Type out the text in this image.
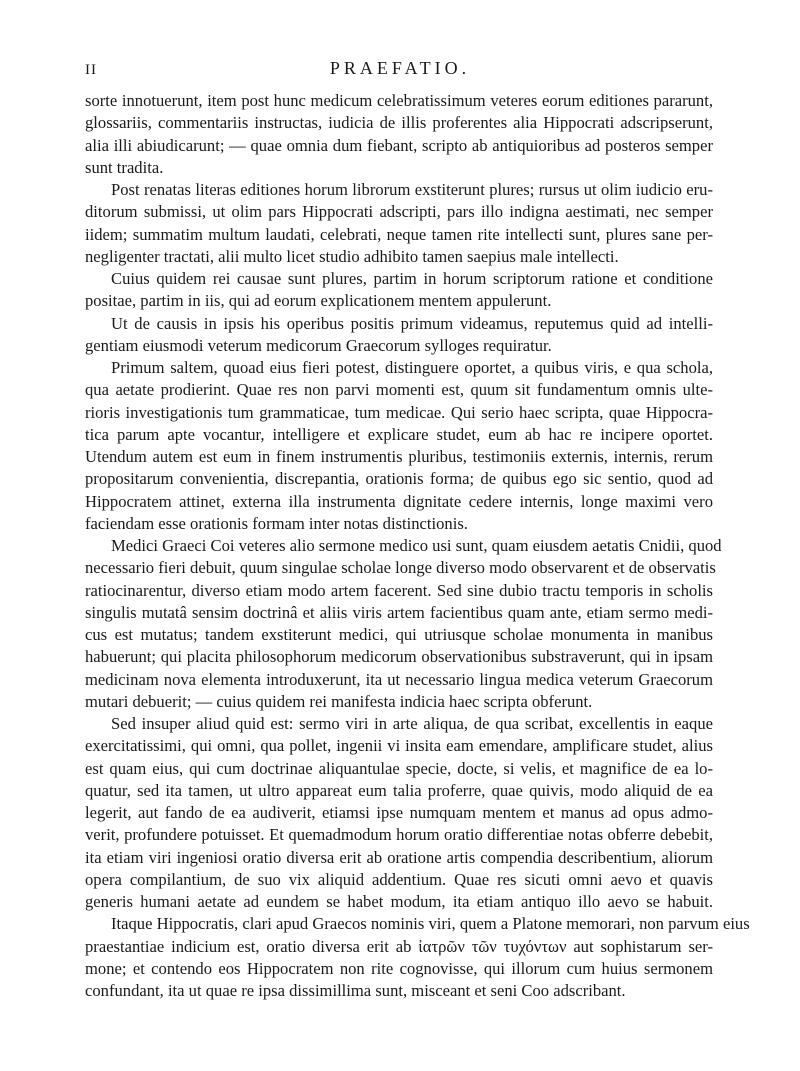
II	PRAEFATIO.
sorte innotuerunt, item post hunc medicum celebratissimum veteres eorum editiones pararunt,
glossariis, commentariis instructas, iudicia de illis proferentes alia Hippocrati adscripserunt,
alia illi abiudicarunt; — quae omnia dum fiebant, scripto ab antiquioribus ad posteros semper
sunt tradita.
Post renatas literas editiones horum librorum exstiterunt plures; rursus ut olim iudicio eru-
ditorum submissi, ut olim pars Hippocrati adscripti, pars illo indigna aestimati, nec semper
iidem; summatim multum laudati, celebrati, neque tamen rite intellecti sunt, plures sane per-
negligenter tractati, alii multo licet studio adhibito tamen saepius male intellecti.
Cuius quidem rei causae sunt plures, partim in horum scriptorum ratione et conditione
positae, partim in iis, qui ad eorum explicationem mentem appulerunt.
Ut de causis in ipsis his operibus positis primum videamus, reputemus quid ad intelli-
gentiam eiusmodi veterum medicorum Graecorum sylloges requiratur.
Primum saltem, quoad eius fieri potest, distinguere oportet, a quibus viris, e qua schola,
qua aetate prodierint. Quae res non parvi momenti est, quum sit fundamentum omnis ulte-
rioris investigationis tum grammaticae, tum medicae. Qui serio haec scripta, quae Hippocra-
tica parum apte vocantur, intelligere et explicare studet, eum ab hac re incipere oportet.
Utendum autem est eum in finem instrumentis pluribus, testimoniis externis, internis, rerum
propositarum convenientia, discrepantia, orationis forma; de quibus ego sic sentio, quod ad
Hippocratem attinet, externa illa instrumenta dignitate cedere internis, longe maximi vero
faciendam esse orationis formam inter notas distinctionis.
Medici Graeci Coi veteres alio sermone medico usi sunt, quam eiusdem aetatis Cnidii, quod
necessario fieri debuit, quum singulae scholae longe diverso modo observarent et de observatis
ratiocinarentur, diverso etiam modo artem facerent. Sed sine dubio tractu temporis in scholis
singulis mutatâ sensim doctrinâ et aliis viris artem facientibus quam ante, etiam sermo medi-
cus est mutatus; tandem exstiterunt medici, qui utriusque scholae monumenta in manibus
habuerunt; qui placita philosophorum medicorum observationibus substraverunt, qui in ipsam
medicinam nova elementa introduxerunt, ita ut necessario lingua medica veterum Graecorum
mutari debuerit; — cuius quidem rei manifesta indicia haec scripta obferunt.
Sed insuper aliud quid est: sermo viri in arte aliqua, de qua scribat, excellentis in eaque
exercitatissimi, qui omni, qua pollet, ingenii vi insita eam emendare, amplificare studet, alius
est quam eius, qui cum doctrinae aliquantulae specie, docte, si velis, et magnifice de ea lo-
quatur, sed ita tamen, ut ultro appareat eum talia proferre, quae quivis, modo aliquid de ea
legerit, aut fando de ea audiverit, etiamsi ipse numquam mentem et manus ad opus admo-
verit, profundere potuisset. Et quemadmodum horum oratio differentiae notas obferre debebit,
ita etiam viri ingeniosi oratio diversa erit ab oratione artis compendia describentium, aliorum
opera compilantium, de suo vix aliquid addentium. Quae res sicuti omni aevo et quavis
generis humani aetate ad eundem se habet modum, ita etiam antiquo illo aevo se habuit.
Itaque Hippocratis, clari apud Graecos nominis viri, quem a Platone memorari, non parvum eius
praestantiae indicium est, oratio diversa erit ab ἰατρῶν τῶν τυχόντων aut sophistarum ser-
mone; et contendo eos Hippocratem non rite cognovisse, qui illorum cum huius sermonem
confundant, ita ut quae re ipsa dissimillima sunt, misceant et seni Coo adscribant.
